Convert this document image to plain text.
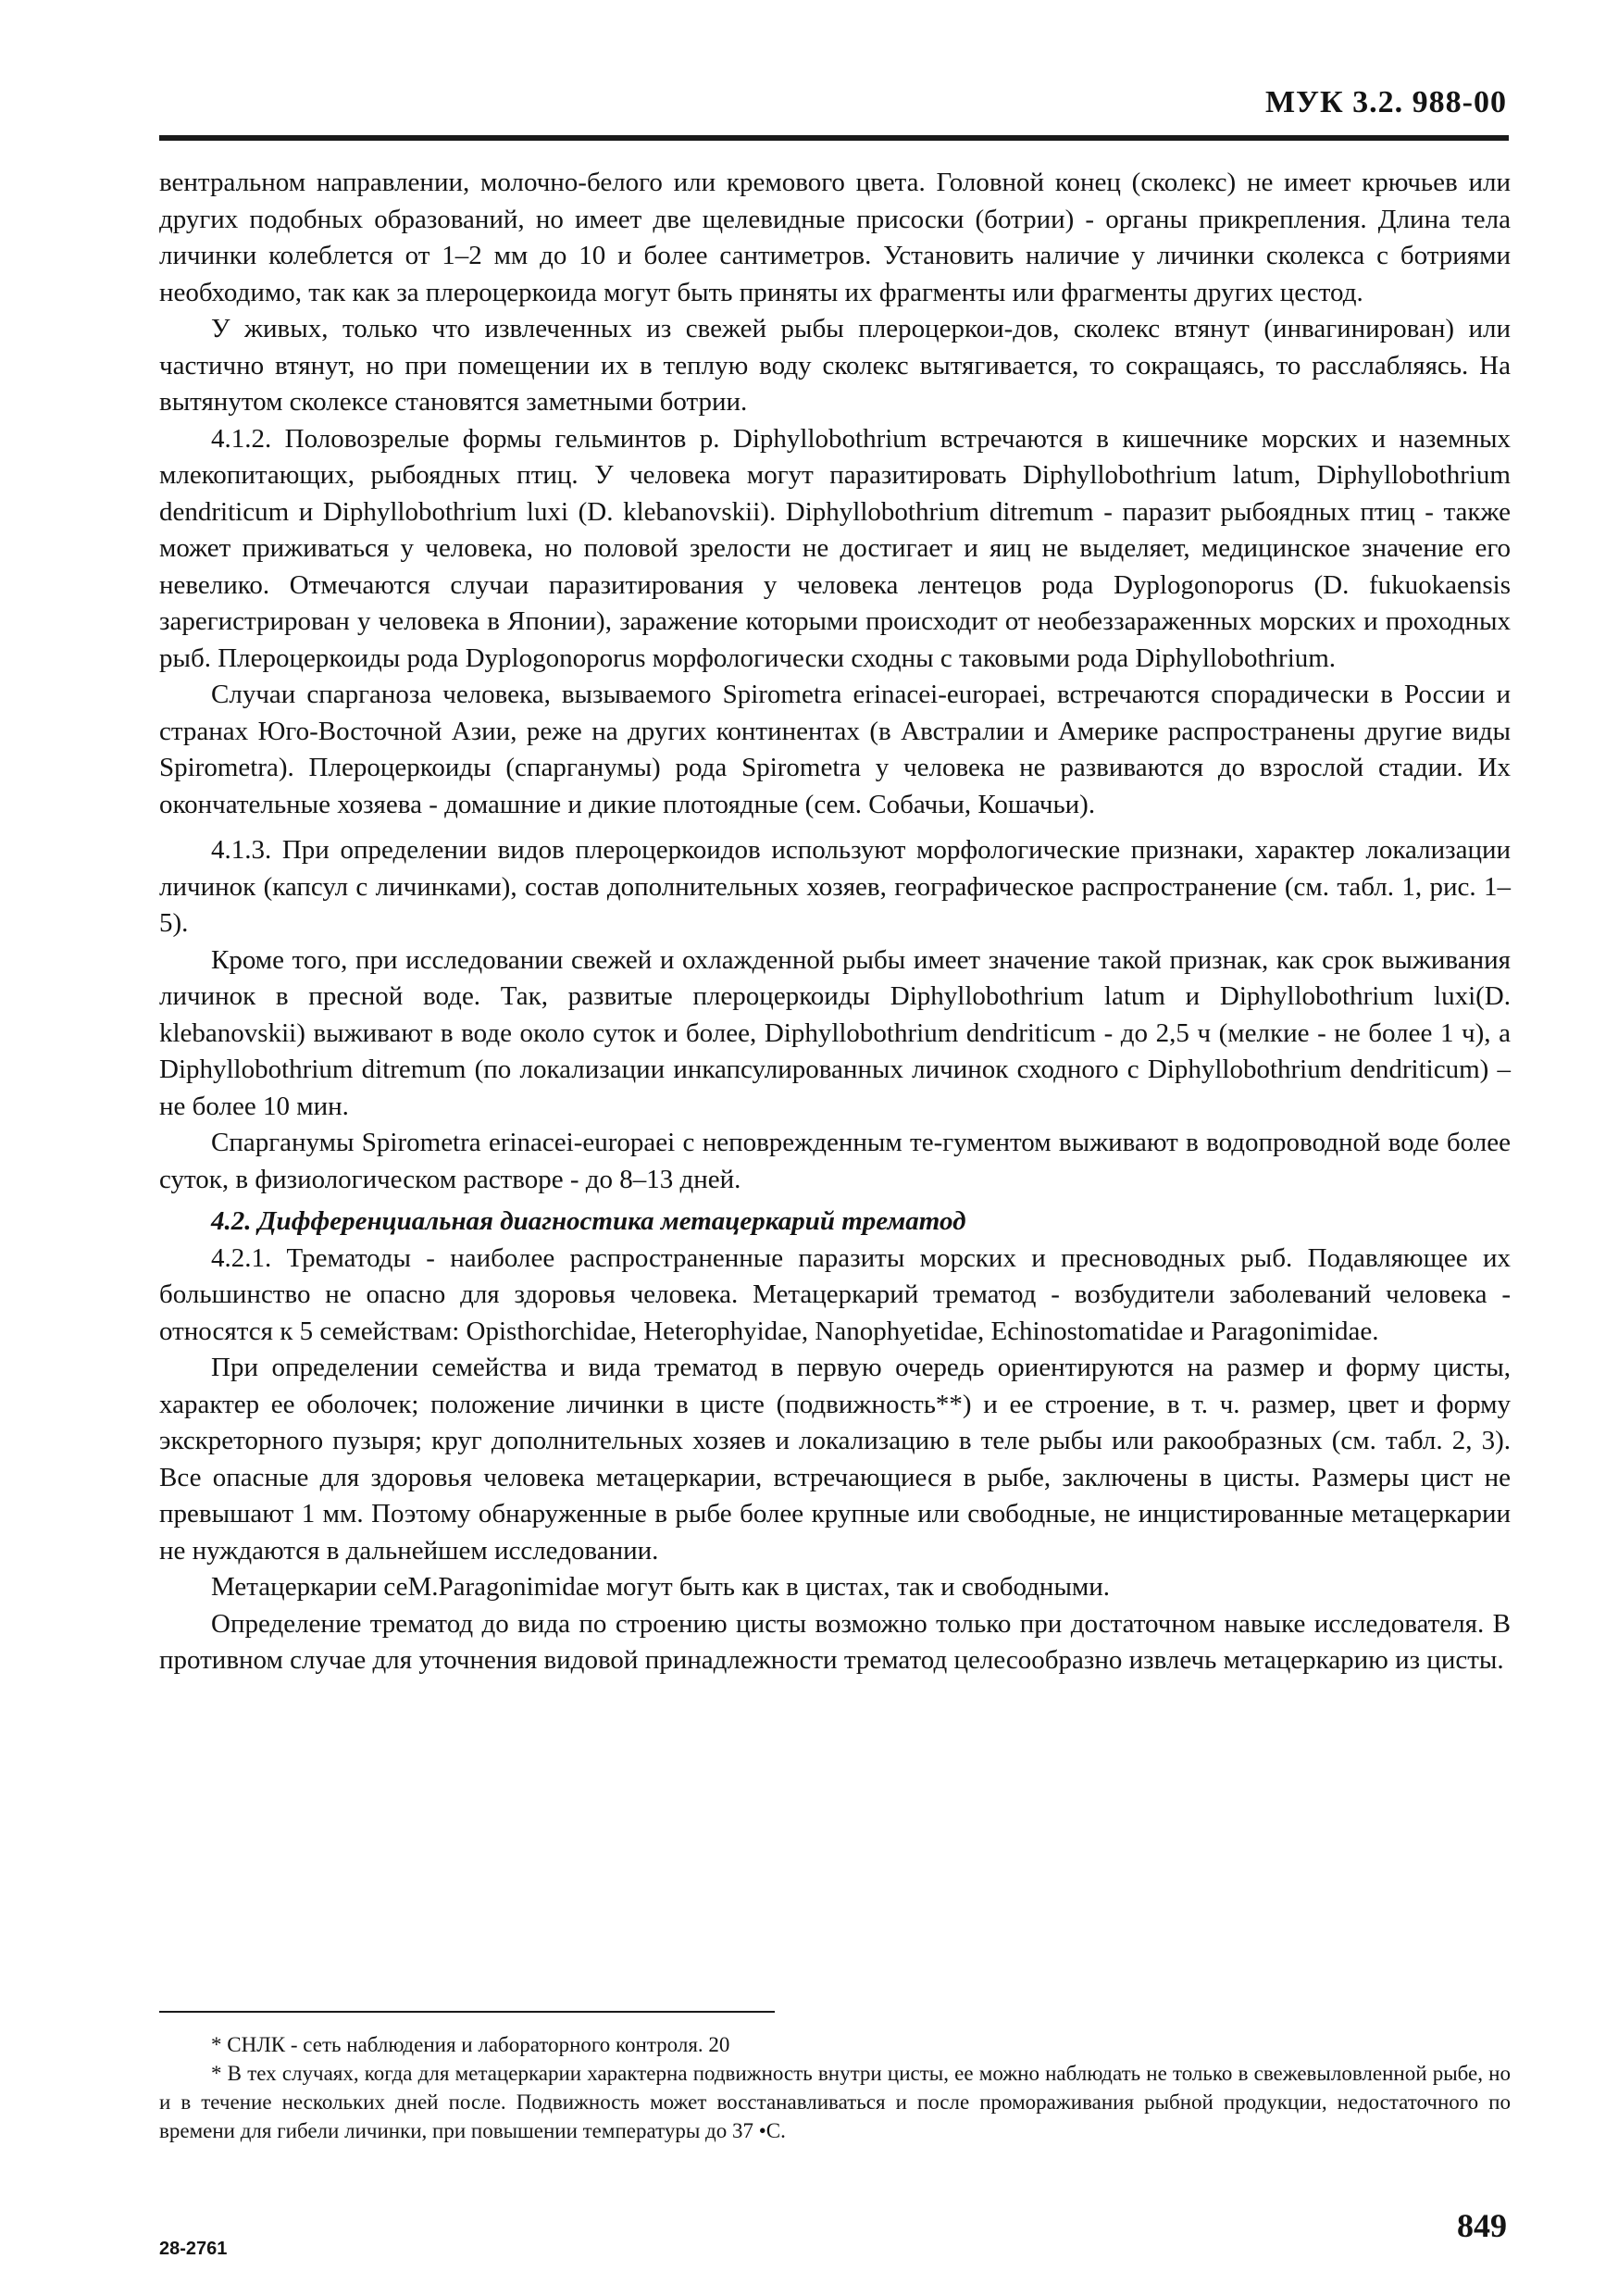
МУК 3.2. 988-00

вентральном направлении, молочно-белого или кремового цвета. Головной конец (сколекс) не имеет крючьев или других подобных образований, но имеет две щелевидные присоски (ботрии) - органы прикрепления. Длина тела личинки колеблется от 1–2 мм до 10 и более сантиметров. Установить наличие у личинки сколекса с ботриями необходимо, так как за плероцеркоида могут быть приняты их фрагменты или фрагменты других цестод.

У живых, только что извлеченных из свежей рыбы плероцеркои-дов, сколекс втянут (инвагинирован) или частично втянут, но при помещении их в теплую воду сколекс вытягивается, то сокращаясь, то расслабляясь. На вытянутом сколексе становятся заметными ботрии.

4.1.2. Половозрелые формы гельминтов р. Diphyllobothrium встречаются в кишечнике морских и наземных млекопитающих, рыбоядных птиц. У человека могут паразитировать Diphyllobothrium latum, Diphyllobothrium dendriticum и Diphyllobothrium luxi (D. klebanovskii). Diphyllobothrium ditremum - паразит рыбоядных птиц - также может приживаться у человека, но половой зрелости не достигает и яиц не выделяет, медицинское значение его невелико. Отмечаются случаи паразитирования у человека лентецов рода Dyplogonoporus (D. fukuokaensis зарегистрирован у человека в Японии), заражение которыми происходит от необеззараженных морских и проходных рыб. Плероцеркоиды рода Dyplogonoporus морфологически сходны с таковыми рода Diphyllobothrium.

Случаи спарганоза человека, вызываемого Spirometra erinacei-europaei, встречаются спорадически в России и странах Юго-Восточной Азии, реже на других континентах (в Австралии и Америке распространены другие виды Spirometra). Плероцеркоиды (спарганумы) рода Spirometra у человека не развиваются до взрослой стадии. Их окончательные хозяева - домашние и дикие плотоядные (сем. Собачьи, Кошачьи).

4.1.3. При определении видов плероцеркоидов используют морфологические признаки, характер локализации личинок (капсул с личинками), состав дополнительных хозяев, географическое распространение (см. табл. 1, рис. 1–5).

Кроме того, при исследовании свежей и охлажденной рыбы имеет значение такой признак, как срок выживания личинок в пресной воде. Так, развитые плероцеркоиды Diphyllobothrium latum и Diphyllobothrium luxi(D. klebanovskii) выживают в воде около суток и более, Diphyllobothrium dendriticum - до 2,5 ч (мелкие - не более 1 ч), а Diphyllobothrium ditremum (по локализации инкапсулированных личинок сходного с Diphyllobothrium dendriticum) – не более 10 мин.

Спарганумы Spirometra erinacei-europaei с неповрежденным те-гументом выживают в водопроводной воде более суток, в физиологическом растворе - до 8–13 дней.

4.2. Дифференциальная диагностика метацеркарий трематод

4.2.1. Трематоды - наиболее распространенные паразиты морских и пресноводных рыб. Подавляющее их большинство не опасно для здоровья человека. Метацеркарий трематод - возбудители заболеваний человека - относятся к 5 семействам: Opisthorchidae, Heterophyidae, Nanophyetidae, Echinostomatidae и Paragonimidae.

При определении семейства и вида трематод в первую очередь ориентируются на размер и форму цисты, характер ее оболочек; положение личинки в цисте (подвижность**) и ее строение, в т. ч. размер, цвет и форму экскреторного пузыря; круг дополнительных хозяев и локализацию в теле рыбы или ракообразных (см. табл. 2, 3). Все опасные для здоровья человека метацеркарии, встречающиеся в рыбе, заключены в цисты. Размеры цист не превышают 1 мм. Поэтому обнаруженные в рыбе более крупные или свободные, не инцистированные метацеркарии не нуждаются в дальнейшем исследовании.

Метацеркарии сеМ.Paragonimidae могут быть как в цистах, так и свободными.

Определение трематод до вида по строению цисты возможно только при достаточном навыке исследователя. В противном случае для уточнения видовой принадлежности трематод целесообразно извлечь метацеркарию из цисты.

* СНЛК - сеть наблюдения и лабораторного контроля. 20

* В тех случаях, когда для метацеркарии характерна подвижность внутри цисты, ее можно наблюдать не только в свежевыловленной рыбе, но и в течение нескольких дней после. Подвижность может восстанавливаться и после промораживания рыбной продукции, недостаточного по времени для гибели личинки, при повышении температуры до 37 •С.

849
28-2761
